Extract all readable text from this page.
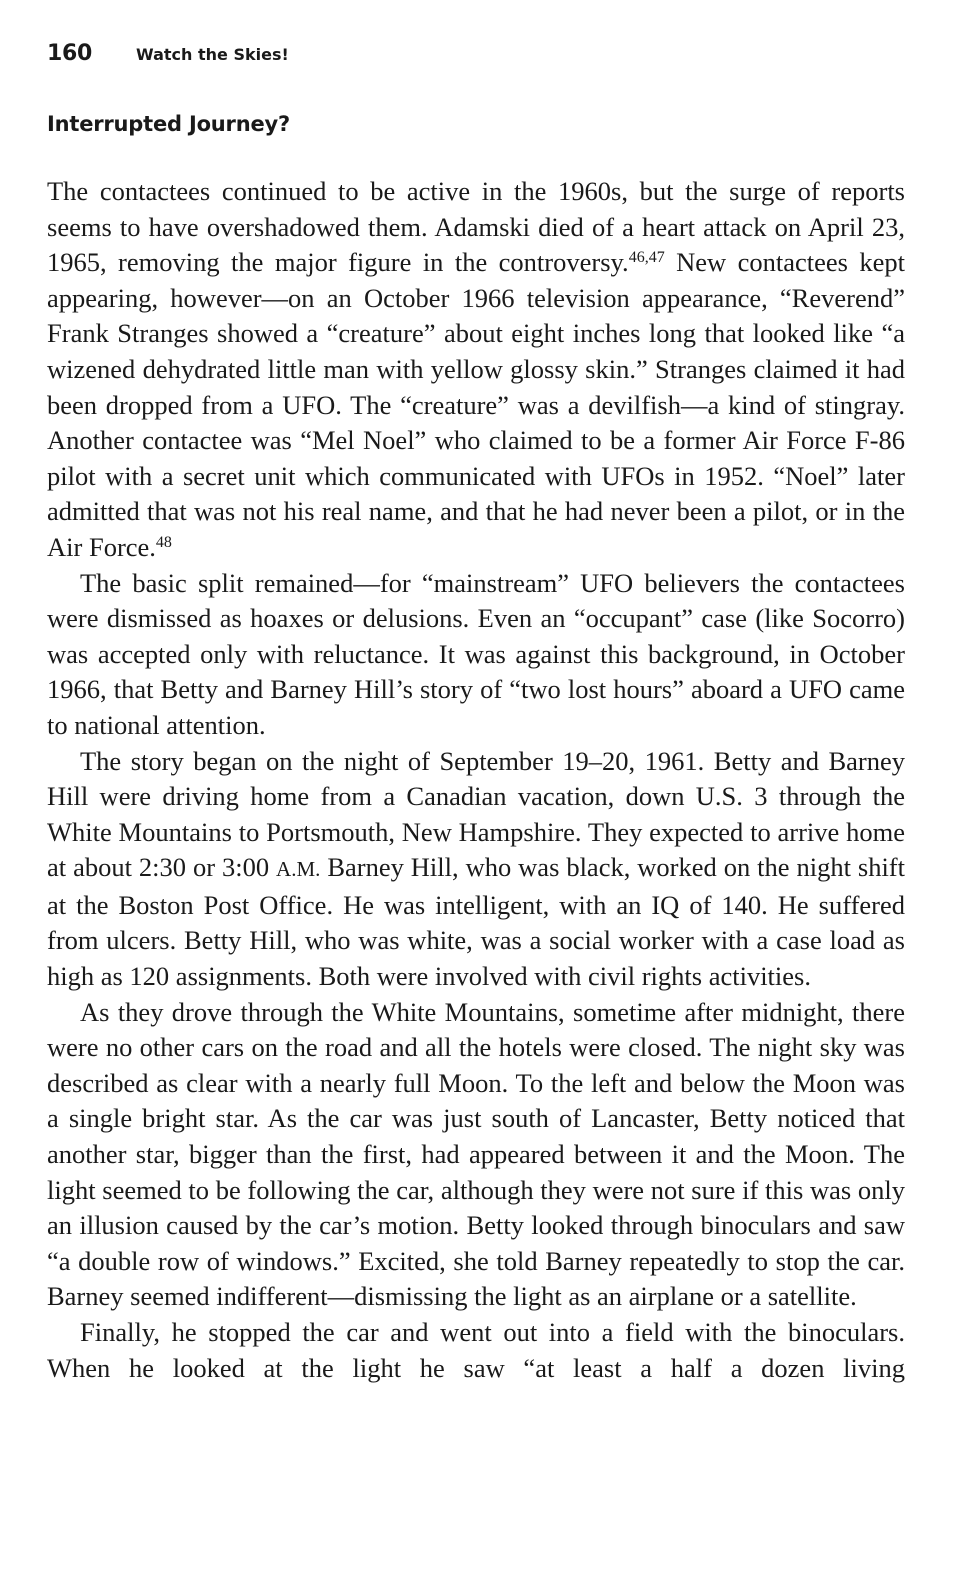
160	Watch the Skies!
Interrupted Journey?

The contactees continued to be active in the 1960s, but the surge of reports seems to have overshadowed them. Adamski died of a heart attack on April 23, 1965, removing the major figure in the controversy.$^{46,47}$ New contactees kept appearing, however—on an October 1966 television appearance, “Reverend” Frank Stranges showed a “creature” about eight inches long that looked like “a wizened dehydrated little man with yellow glossy skin.” Stranges claimed it had been dropped from a UFO. The “creature” was a devilfish—a kind of stingray. Another contactee was “Mel Noel” who claimed to be a former Air Force F-86 pilot with a secret unit which communicated with UFOs in 1952. “Noel” later admitted that was not his real name, and that he had never been a pilot, or in the Air Force.$^{48}$

The basic split remained—for “mainstream” UFO believers the contactees were dismissed as hoaxes or delusions. Even an “occupant” case (like Socorro) was accepted only with reluctance. It was against this background, in October 1966, that Betty and Barney Hill’s story of “two lost hours” aboard a UFO came to national attention.

The story began on the night of September 19–20, 1961. Betty and Barney Hill were driving home from a Canadian vacation, down U.S. 3 through the White Mountains to Portsmouth, New Hampshire. They expected to arrive home at about 2:30 or 3:00 A.M. Barney Hill, who was black, worked on the night shift at the Boston Post Office. He was intelligent, with an IQ of 140. He suffered from ulcers. Betty Hill, who was white, was a social worker with a case load as high as 120 assignments. Both were involved with civil rights activities.

As they drove through the White Mountains, sometime after midnight, there were no other cars on the road and all the hotels were closed. The night sky was described as clear with a nearly full Moon. To the left and below the Moon was a single bright star. As the car was just south of Lancaster, Betty noticed that another star, bigger than the first, had appeared between it and the Moon. The light seemed to be following the car, although they were not sure if this was only an illusion caused by the car’s motion. Betty looked through binoculars and saw “a double row of windows.” Excited, she told Barney repeatedly to stop the car. Barney seemed indifferent—dismissing the light as an airplane or a satellite.

Finally, he stopped the car and went out into a field with the binoculars. When he looked at the light he saw “at least a half a dozen living
